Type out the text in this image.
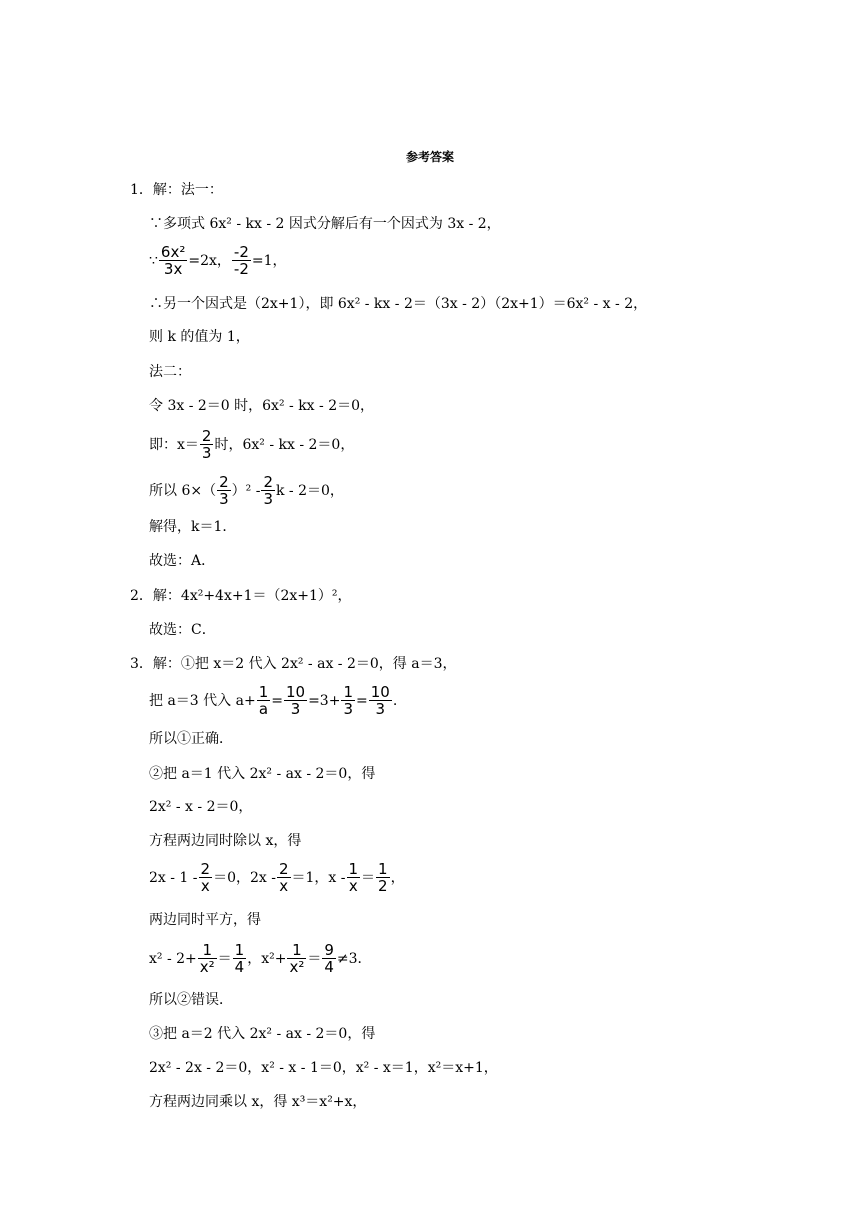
参考答案
1．解：法一：
∵多项式 6x² - kx - 2 因式分解后有一个因式为 3x - 2，
∵ $\frac{\text{6x²}}{3x} =2x$， $\frac{-2}{-2} =1$，
∴另一个因式是（2x+1），即 6x² - kx - 2＝（3x - 2）（2x+1）＝6x² - x - 2，
则 k 的值为 1，
法二：
令 3x - 2＝0 时，6x² - kx - 2＝0，
即：$x= \frac{2}{3}$ 时，6x² - kx - 2＝0，
所以 $6\times( \frac{2}{3} )^2 - \frac{2}{3}$ k - 2＝0，
解得，k＝1．
故选：A．
2．解：4x²+4x+1＝（2x+1）²，
故选：C．
3．解：①把 x＝2 代入 2x² - ax - 2＝0，得 a＝3，
把 a＝3 代入 $a+ \frac{1}{a} = \frac{10}{3} =3+ \frac{1}{3} = \frac{10}{3}$ .
所以①正确．
②把 a＝1 代入 2x² - ax - 2＝0，得
2x² - x - 2＝0，
方程两边同时除以 x，得
$2x - 1 - \frac{2}{x} =0$，$2x - \frac{2}{x} =1$，$x - \frac{1}{x} = \frac{1}{2}$ ，
两边同时平方，得
$x^2 - 2+ \frac{1}{\text{x²}} = \frac{1}{4}$ ，$x^2+ \frac{1}{\text{x²}} = \frac{9}{4} \ne 3$．
所以②错误．
③把 a＝2 代入 2x² - ax - 2＝0，得
2x² - 2x - 2＝0，x² - x - 1＝0，x² - x＝1，x²＝x+1，
方程两边同乘以 x，得 x³＝x²+x，
